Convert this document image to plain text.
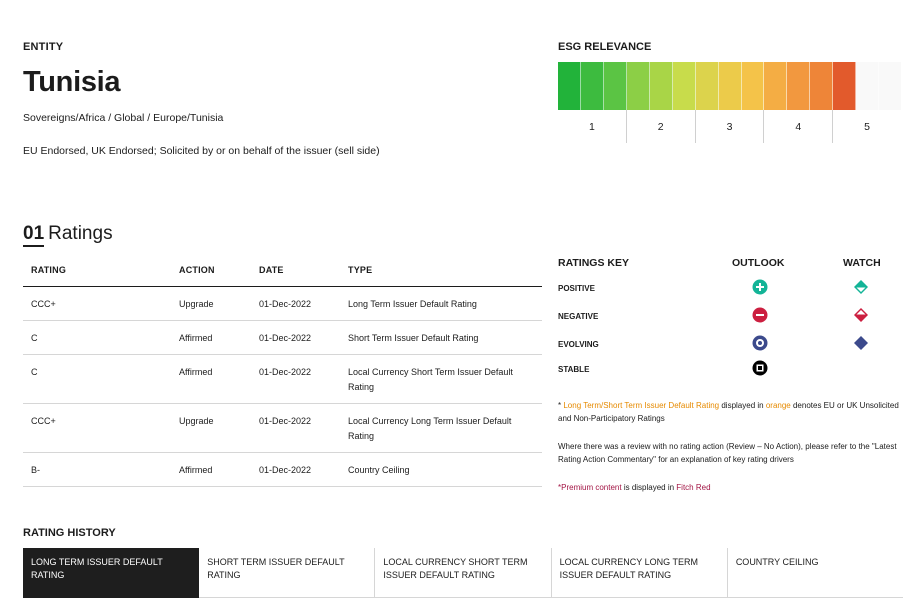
ENTITY
Tunisia
Sovereigns/Africa / Global / Europe/Tunisia
EU Endorsed, UK Endorsed; Solicited by or on behalf of the issuer (sell side)
ESG RELEVANCE
1	2	3	4	5
01 Ratings
RATING	ACTION	DATE	TYPE
CCC+	Upgrade	01-Dec-2022	Long Term Issuer Default Rating
C	Affirmed	01-Dec-2022	Short Term Issuer Default Rating
C	Affirmed	01-Dec-2022	Local Currency Short Term Issuer Default Rating
CCC+	Upgrade	01-Dec-2022	Local Currency Long Term Issuer Default Rating
B-	Affirmed	01-Dec-2022	Country Ceiling
RATINGS KEY	OUTLOOK	WATCH
POSITIVE
NEGATIVE
EVOLVING
STABLE
* Long Term/Short Term Issuer Default Rating displayed in orange denotes EU or UK Unsolicited and Non-Participatory Ratings
Where there was a review with no rating action (Review – No Action), please refer to the "Latest Rating Action Commentary" for an explanation of key rating drivers
*Premium content is displayed in Fitch Red
RATING HISTORY
LONG TERM ISSUER DEFAULT RATING
SHORT TERM ISSUER DEFAULT RATING
LOCAL CURRENCY SHORT TERM ISSUER DEFAULT RATING
LOCAL CURRENCY LONG TERM ISSUER DEFAULT RATING
COUNTRY CEILING
